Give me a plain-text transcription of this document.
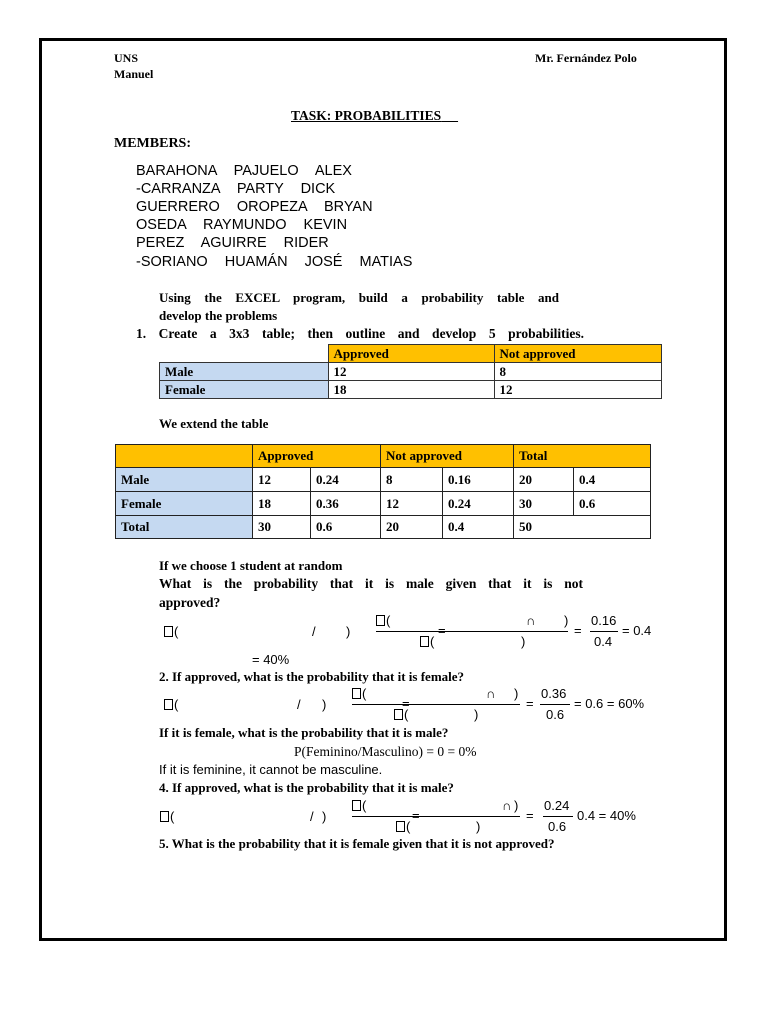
UNS
Manuel
Mr. Fernández Polo
TASK: PROBABILITIES
MEMBERS:
BARAHONA PAJUELO ALEX
-CARRANZA PARTY DICK
GUERRERO OROPEZA BRYAN
OSEDA RAYMUNDO KEVIN
PEREZ AGUIRRE RIDER
-SORIANO HUAMÁN JOSÉ MATIAS
Using the EXCEL program, build a probability table and
develop the problems
1. Create a 3x3 table; then outline and develop 5 probabilities.
	Approved	Not approved
Male	12	8
Female	18	12
We extend the table
	Approved		Not approved		Total	
Male	12	0.24	8	0.16	20	0.4
Female	18	0.36	12	0.24	30	0.6
Total	30	0.6	20	0.4	50	
If we choose 1 student at random
What is the probability that it is male given that it is not
approved?
(	/ )
(	∩ )
=
(	)
=
0.16
0.4
= 0.4
= 40%
2. If approved, what is the probability that it is female?
(	/ )
(	∩ )
=
(	)
=
0.36
0.6
= 0.6 = 60%
If it is female, what is the probability that it is male?
P(Feminino/Masculino) = 0 = 0%
If it is feminine, it cannot be masculine.
4. If approved, what is the probability that it is male?
(	/ )
(	∩ )
=
(	)
=
0.24
0.6
0.4 = 40%
5. What is the probability that it is female given that it is not approved?
